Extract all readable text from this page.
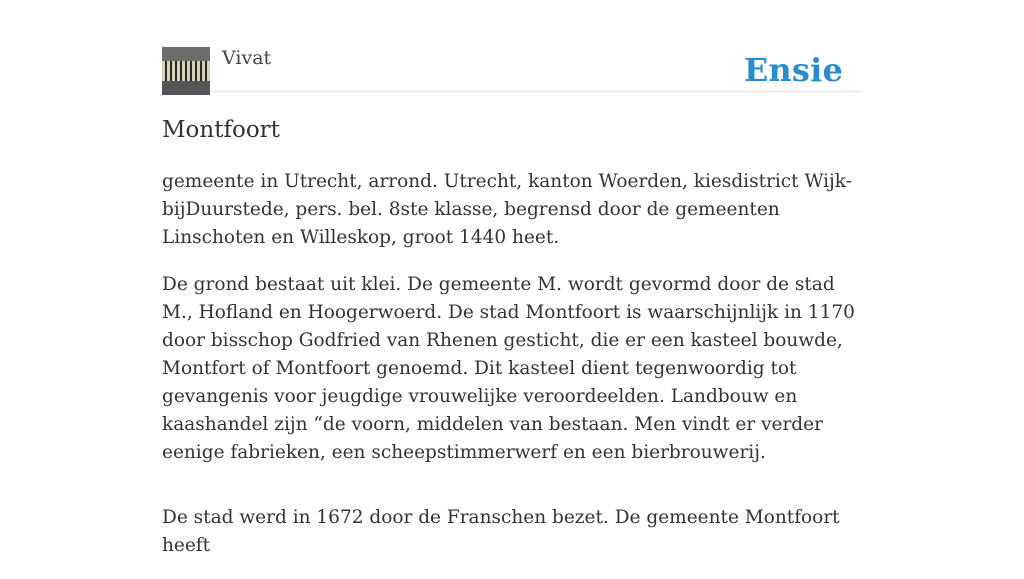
Vivat	Ensie
Montfoort

gemeente in Utrecht, arrond. Utrecht, kanton Woerden, kiesdistrict Wijk-bijDuurstede, pers. bel. 8ste klasse, begrensd door de gemeenten Linschoten en Willeskop, groot 1440 heet.

De grond bestaat uit klei. De gemeente M. wordt gevormd door de stad M., Hofland en Hoogerwoerd. De stad Montfoort is waarschijnlijk in 1170 door bisschop Godfried van Rhenen gesticht, die er een kasteel bouwde, Montfort of Montfoort genoemd. Dit kasteel dient tegenwoordig tot gevangenis voor jeugdige vrouwelijke veroordeelden. Landbouw en kaashandel zijn “de voorn, middelen van bestaan. Men vindt er verder eenige fabrieken, een scheepstimmerwerf en een bierbrouwerij.

De stad werd in 1672 door de Franschen bezet. De gemeente Montfoort heeft
